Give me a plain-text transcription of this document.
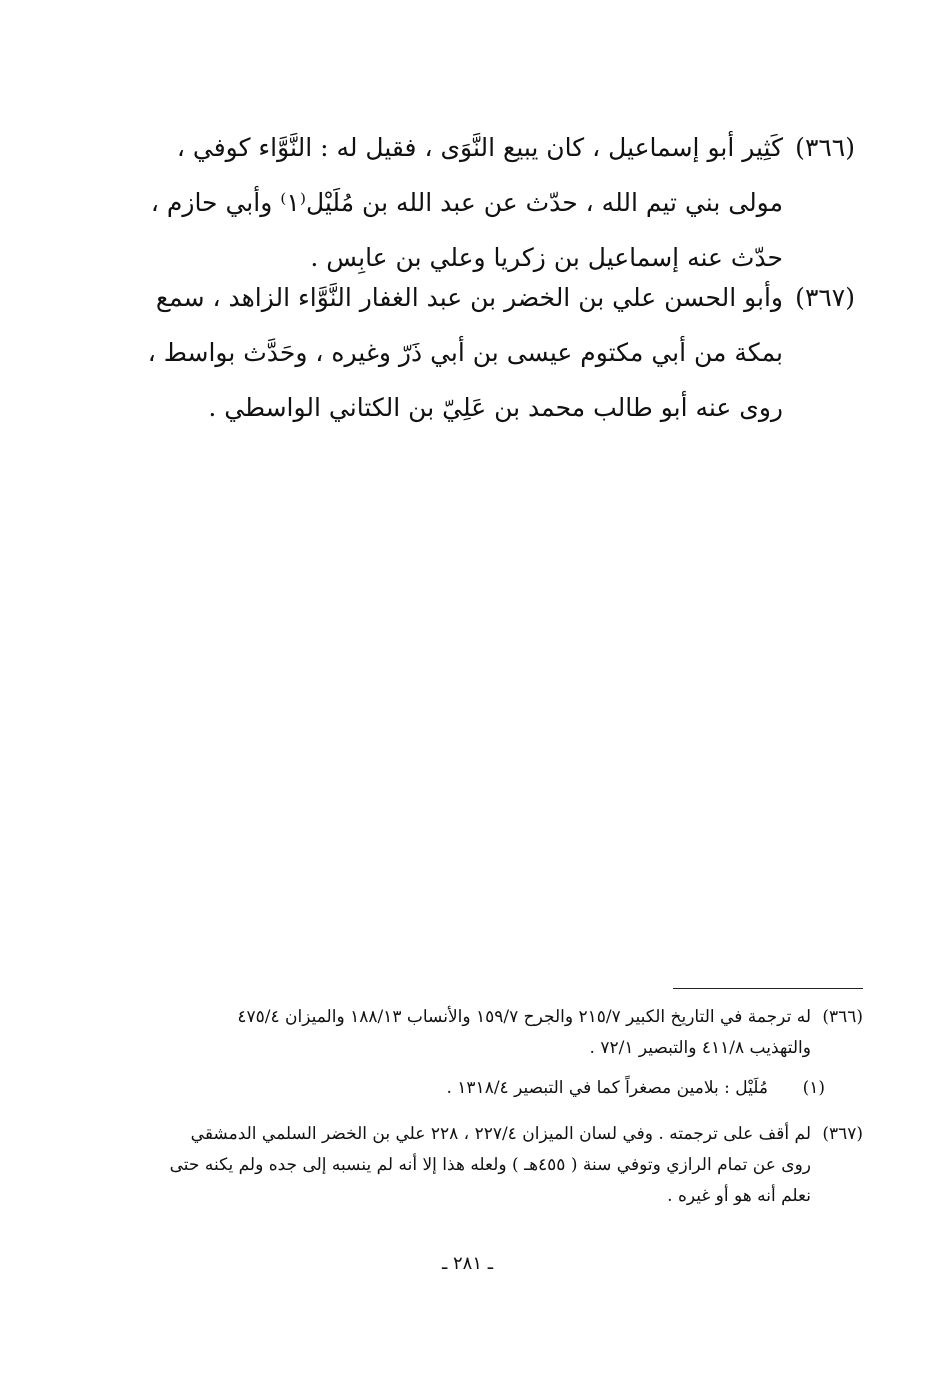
(٣٦٦)
كَثِير أبو إسماعيل ، كان يبيع النَّوَى ، فقيل له : النَّوَّاء كوفي ،
مولى بني تيم الله ، حدّث عن عبد الله بن مُلَيْل⁽١⁾ وأبي حازم ،
حدّث عنه إسماعيل بن زكريا وعلي بن عابِس .
(٣٦٧)
وأبو الحسن علي بن الخضر بن عبد الغفار النَّوَّاء الزاهد ، سمع
بمكة من أبي مكتوم عيسى بن أبي ذَرّ وغيره ، وحَدَّث بواسط ،
روى عنه أبو طالب محمد بن عَلِيّ بن الكتاني الواسطي .
(٣٦٦)
له ترجمة في التاريخ الكبير ٢١٥/٧ والجرح ١٥٩/٧ والأنساب ١٨٨/١٣ والميزان ٤٧٥/٤
والتهذيب ٤١١/٨ والتبصير ٧٢/١ .
(١)
مُلَيْل : بلامين مصغراً كما في التبصير ١٣١٨/٤ .
(٣٦٧)
لم أقف على ترجمته . وفي لسان الميزان ٢٢٧/٤ ، ٢٢٨ علي بن الخضر السلمي الدمشقي
روى عن تمام الرازي وتوفي سنة ( ٤٥٥هـ ) ولعله هذا إلا أنه لم ينسبه إلى جده ولم يكنه حتى
نعلم أنه هو أو غيره .
ـ ٢٨١ ـ
